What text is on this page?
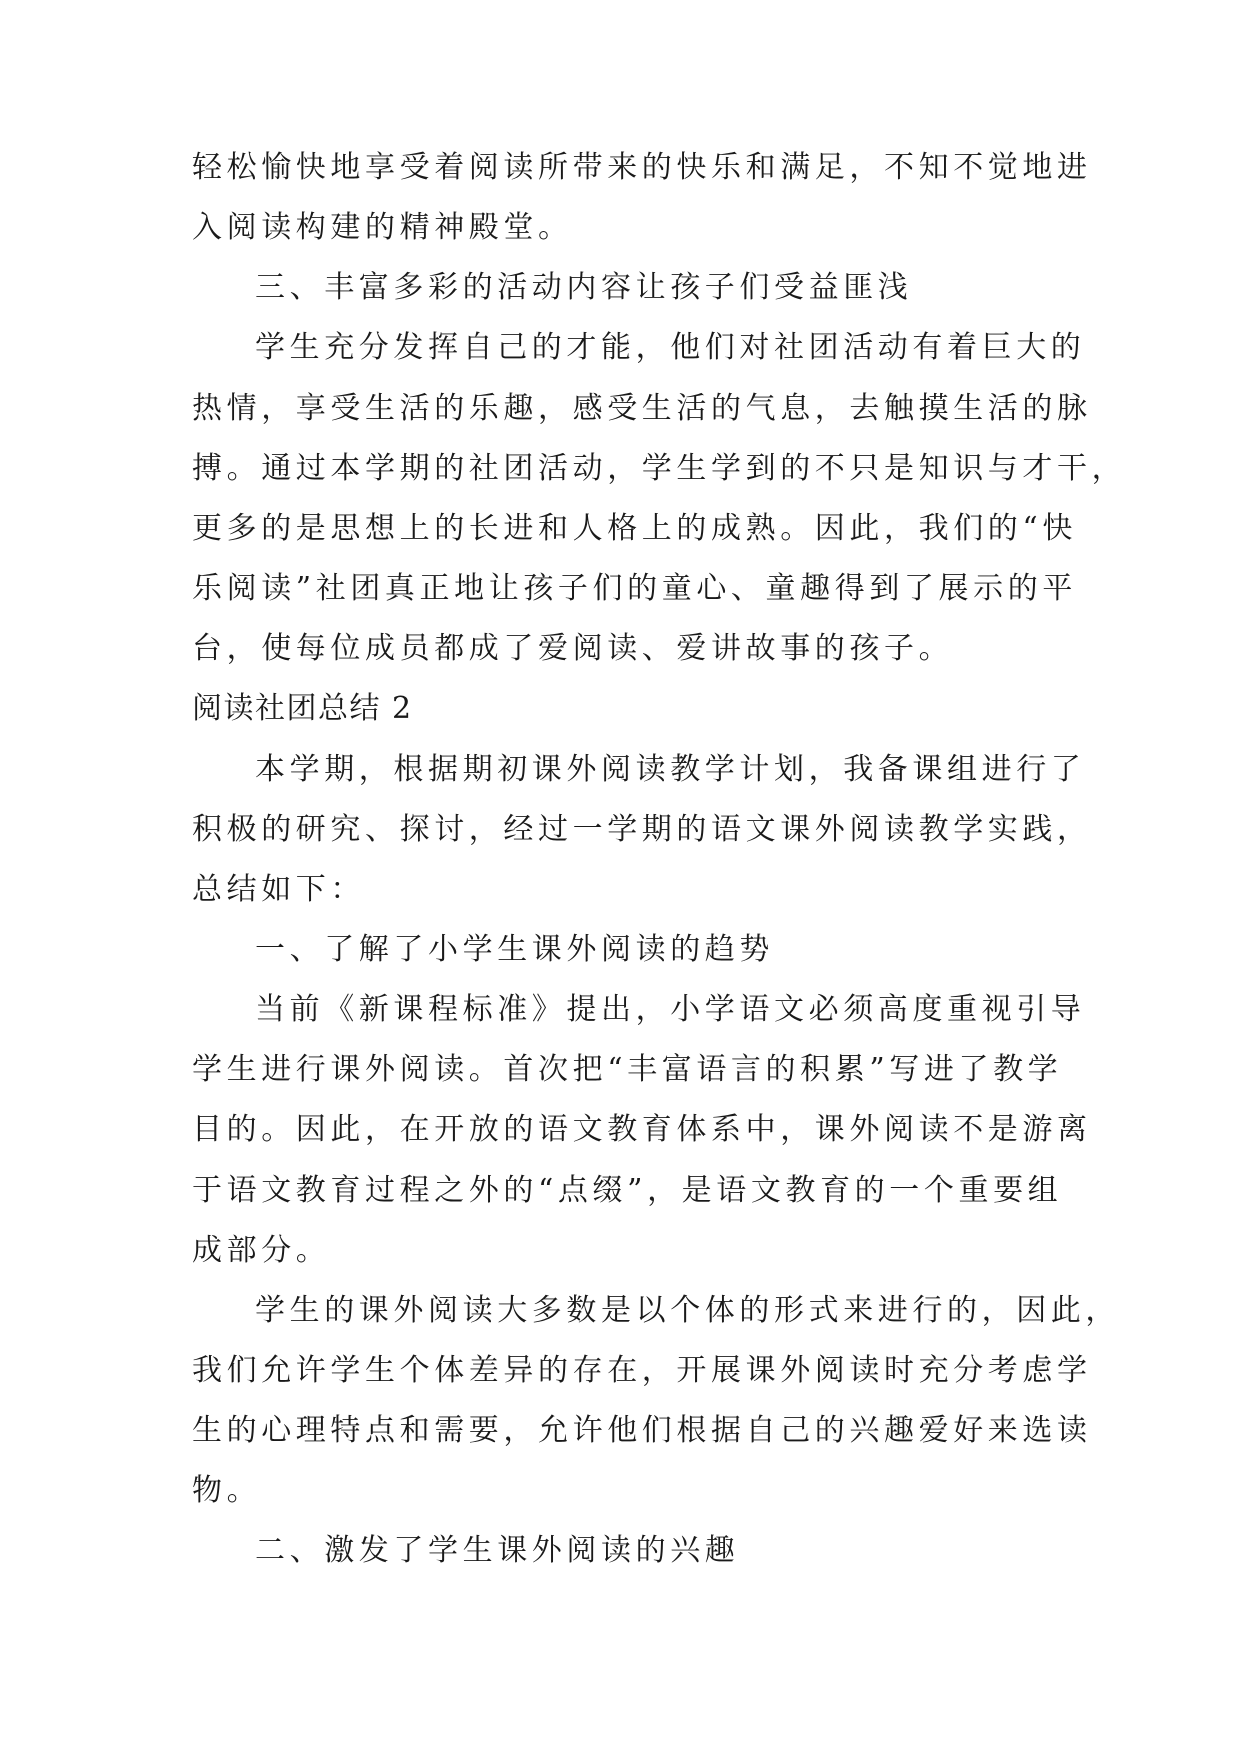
轻松愉快地享受着阅读所带来的快乐和满足，不知不觉地进
入阅读构建的精神殿堂。
三、丰富多彩的活动内容让孩子们受益匪浅
学生充分发挥自己的才能，他们对社团活动有着巨大的
热情，享受生活的乐趣，感受生活的气息，去触摸生活的脉
搏。通过本学期的社团活动，学生学到的不只是知识与才干，
更多的是思想上的长进和人格上的成熟。因此，我们的“快
乐阅读”社团真正地让孩子们的童心、童趣得到了展示的平
台，使每位成员都成了爱阅读、爱讲故事的孩子。
阅读社团总结 2
本学期，根据期初课外阅读教学计划，我备课组进行了
积极的研究、探讨，经过一学期的语文课外阅读教学实践，
总结如下：
一、了解了小学生课外阅读的趋势
当前《新课程标准》提出，小学语文必须高度重视引导
学生进行课外阅读。首次把“丰富语言的积累”写进了教学
目的。因此，在开放的语文教育体系中，课外阅读不是游离
于语文教育过程之外的“点缀”，是语文教育的一个重要组
成部分。
学生的课外阅读大多数是以个体的形式来进行的，因此，
我们允许学生个体差异的存在，开展课外阅读时充分考虑学
生的心理特点和需要，允许他们根据自己的兴趣爱好来选读
物。
二、激发了学生课外阅读的兴趣
